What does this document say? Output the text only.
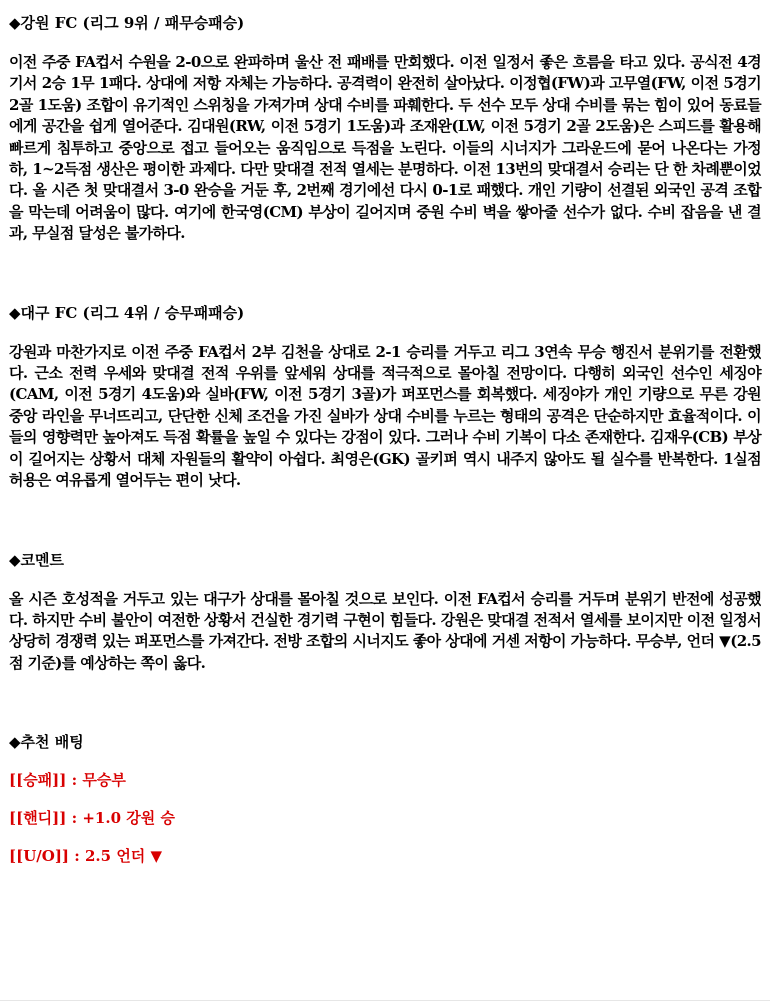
◆강원 FC (리그 9위 / 패무승패승)

이전 주중 FA컵서 수원을 2-0으로 완파하며 울산 전 패배를 만회했다. 이전 일정서 좋은 흐름을 타고 있다. 공식전 4경기서 2승 1무 1패다. 상대에 저항 자체는 가능하다. 공격력이 완전히 살아났다. 이정협(FW)과 고무열(FW, 이전 5경기 2골 1도움) 조합이 유기적인 스위칭을 가져가며 상대 수비를 파훼한다. 두 선수 모두 상대 수비를 묶는 힘이 있어 동료들에게 공간을 쉽게 열어준다. 김대원(RW, 이전 5경기 1도움)과 조재완(LW, 이전 5경기 2골 2도움)은 스피드를 활용해 빠르게 침투하고 중앙으로 접고 들어오는 움직임으로 득점을 노린다. 이들의 시너지가 그라운드에 묻어 나온다는 가정 하, 1~2득점 생산은 평이한 과제다. 다만 맞대결 전적 열세는 분명하다. 이전 13번의 맞대결서 승리는 단 한 차례뿐이었다. 올 시즌 첫 맞대결서 3-0 완승을 거둔 후, 2번째 경기에선 다시 0-1로 패했다. 개인 기량이 선결된 외국인 공격 조합을 막는데 어려움이 많다. 여기에 한국영(CM) 부상이 길어지며 중원 수비 벽을 쌓아줄 선수가 없다. 수비 잡음을 낸 결과, 무실점 달성은 불가하다.

◆대구 FC (리그 4위 / 승무패패승)

강원과 마찬가지로 이전 주중 FA컵서 2부 김천을 상대로 2-1 승리를 거두고 리그 3연속 무승 행진서 분위기를 전환했다. 근소 전력 우세와 맞대결 전적 우위를 앞세워 상대를 적극적으로 몰아칠 전망이다. 다행히 외국인 선수인 세징야(CAM, 이전 5경기 4도움)와 실바(FW, 이전 5경기 3골)가 퍼포먼스를 회복했다. 세징야가 개인 기량으로 무른 강원 중앙 라인을 무너뜨리고, 단단한 신체 조건을 가진 실바가 상대 수비를 누르는 형태의 공격은 단순하지만 효율적이다. 이들의 영향력만 높아져도 득점 확률을 높일 수 있다는 강점이 있다. 그러나 수비 기복이 다소 존재한다. 김재우(CB) 부상이 길어지는 상황서 대체 자원들의 활약이 아쉽다. 최영은(GK) 골키퍼 역시 내주지 않아도 될 실수를 반복한다. 1실점 허용은 여유롭게 열어두는 편이 낫다.

◆코멘트

올 시즌 호성적을 거두고 있는 대구가 상대를 몰아칠 것으로 보인다. 이전 FA컵서 승리를 거두며 분위기 반전에 성공했다. 하지만 수비 불안이 여전한 상황서 건실한 경기력 구현이 힘들다. 강원은 맞대결 전적서 열세를 보이지만 이전 일정서 상당히 경쟁력 있는 퍼포먼스를 가져간다. 전방 조합의 시너지도 좋아 상대에 거센 저항이 가능하다. 무승부, 언더 ▼(2.5점 기준)를 예상하는 쪽이 옳다.

◆추천 배팅
[[승패]] : 무승부
[[핸디]] : +1.0 강원 승
[[U/O]] : 2.5 언더 ▼
